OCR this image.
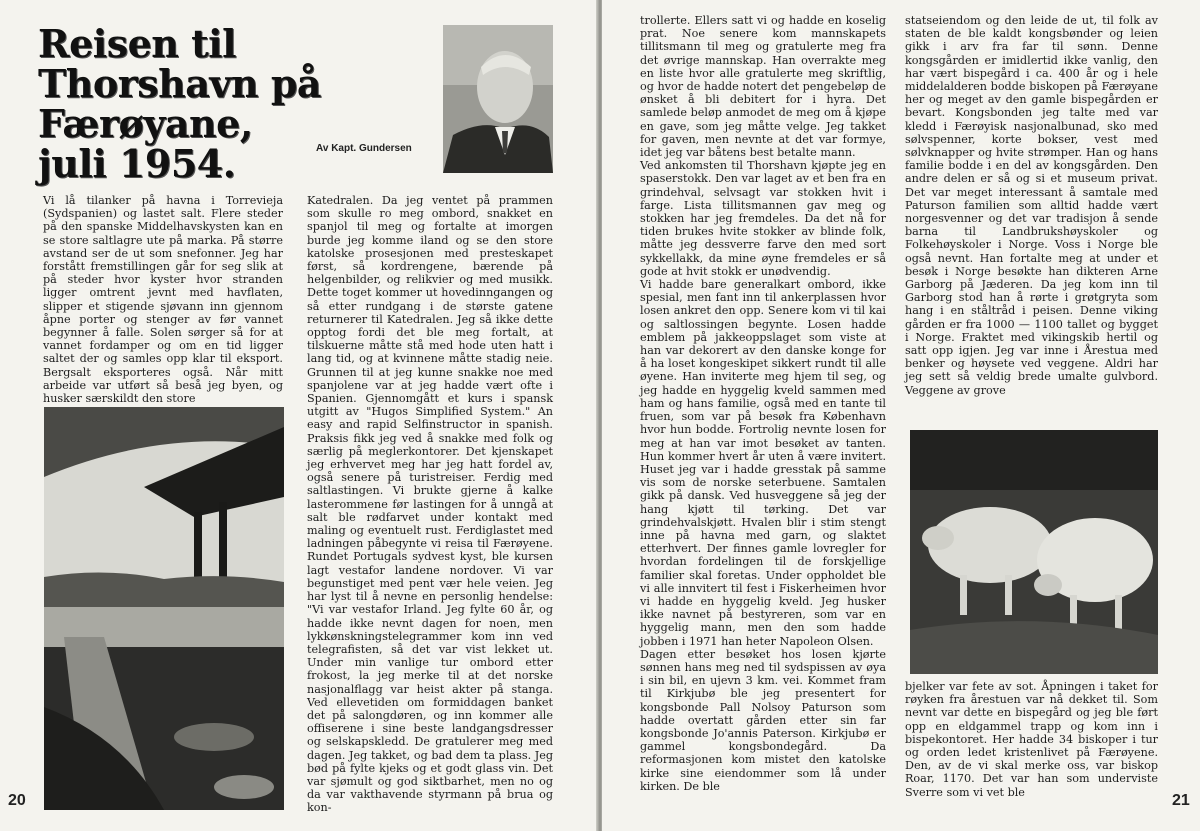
Reisen til
Thorshavn på
Færøyane,
juli 1954.	Av Kapt. Gundersen
Vi lå tilanker på havna i Torrevieja (Sydspanien) og lastet salt. Flere steder på den spanske Middelhavskysten kan en se store saltlagre ute på marka. På større avstand ser de ut som snefonner. Jeg har forstått fremstillingen går for seg slik at på steder hvor kyster hvor stranden ligger omtrent jevnt med havflaten, slipper et stigende sjøvann inn gjennom åpne porter og stenger av før vannet begynner å falle. Solen sørger så for at vannet fordamper og om en tid ligger saltet der og samles opp klar til eksport. Bergsalt eksporteres også. Når mitt arbeide var utført så beså jeg byen, og husker særskildt den store
Katedralen. Da jeg ventet på prammen som skulle ro meg ombord, snakket en spanjol til meg og fortalte at imorgen burde jeg komme iland og se den store katolske prosesjonen med presteskapet først, så kordrengene, bærende på helgenbilder, og relikvier og med musikk. Dette toget kommer ut hovedinngangen og så etter rundgang i de største gatene returnerer til Katedralen. Jeg så ikke dette opptog fordi det ble meg fortalt, at tilskuerne måtte stå med hode uten hatt i lang tid, og at kvinnene måtte stadig neie. Grunnen til at jeg kunne snakke noe med spanjolene var at jeg hadde vært ofte i Spanien. Gjennomgått et kurs i spansk utgitt av "Hugos Simplified System." An easy and rapid Selfinstructor in spanish. Praksis fikk jeg ved å snakke med folk og særlig på meglerkontorer. Det kjenskapet jeg erhvervet meg har jeg hatt fordel av, også senere på turistreiser. Ferdig med saltlastingen. Vi brukte gjerne å kalke lasterommene før lastingen for å unngå at salt ble rødfarvet under kontakt med maling og eventuelt rust. Ferdiglastet med ladningen påbegynte vi reisa til Færøyene. Rundet Portugals sydvest kyst, ble kursen lagt vestafor landene nordover. Vi var begunstiget med pent vær hele veien. Jeg har lyst til å nevne en personlig hendelse: "Vi var vestafor Irland. Jeg fylte 60 år, og hadde ikke nevnt dagen for noen, men lykkønskningstelegrammer kom inn ved telegrafisten, så det var vist lekket ut. Under min vanlige tur ombord etter frokost, la jeg merke til at det norske nasjonalflagg var heist akter på stanga. Ved ellevetiden om formiddagen banket det på salongdøren, og inn kommer alle offiserene i sine beste landgangsdresser og selskapskledd. De gratulerer meg med dagen. Jeg takket, og bad dem ta plass. Jeg bød på fylte kjeks og et godt glass vin. Det var sjømult og god siktbarhet, men no og da var vakthavende styrmann på brua og kon-
20
trollerte. Ellers satt vi og hadde en koselig prat. Noe senere kom mannskapets tillitsmann til meg og gratulerte meg fra det øvrige mannskap. Han overrakte meg en liste hvor alle gratulerte meg skriftlig, og hvor de hadde notert det pengebeløp de ønsket å bli debitert for i hyra. Det samlede beløp anmodet de meg om å kjøpe en gave, som jeg måtte velge. Jeg takket for gaven, men nevnte at det var formye, idet jeg var båtens best betalte mann.
Ved ankomsten til Thorshavn kjøpte jeg en spaserstokk. Den var laget av et ben fra en grindehval, selvsagt var stokken hvit i farge. Lista tillitsmannen gav meg og stokken har jeg fremdeles. Da det nå for tiden brukes hvite stokker av blinde folk, måtte jeg dessverre farve den med sort sykkellakk, da mine øyne fremdeles er så gode at hvit stokk er unødvendig.
Vi hadde bare generalkart ombord, ikke spesial, men fant inn til ankerplassen hvor losen ankret den opp. Senere kom vi til kai og saltlossingen begynte. Losen hadde emblem på jakkeoppslaget som viste at han var dekorert av den danske konge for å ha loset kongeskipet sikkert rundt til alle øyene. Han inviterte meg hjem til seg, og jeg hadde en hyggelig kveld sammen med ham og hans familie, også med en tante til fruen, som var på besøk fra København hvor hun bodde. Fortrolig nevnte losen for meg at han var imot besøket av tanten. Hun kommer hvert år uten å være invitert. Huset jeg var i hadde gresstak på samme vis som de norske seterbuene. Samtalen gikk på dansk. Ved husveggene så jeg der hang kjøtt til tørking. Det var grindehvalskjøtt. Hvalen blir i stim stengt inne på havna med garn, og slaktet etterhvert. Der finnes gamle lovregler for hvordan fordelingen til de forskjellige familier skal foretas. Under oppholdet ble vi alle innvitert til fest i Fiskerheimen hvor vi hadde en hyggelig kveld. Jeg husker ikke navnet på bestyreren, som var en hyggelig mann, men den som hadde jobben i 1971 han heter Napoleon Olsen.
Dagen etter besøket hos losen kjørte sønnen hans meg ned til sydspissen av øya i sin bil, en ujevn 3 km. vei. Kommet fram til Kirkjubø ble jeg presentert for kongsbonde Pall Nolsoy Paturson som hadde overtatt gården etter sin far kongsbonde Jo'annis Paterson. Kirkjubø er gammel kongsbondegård. Da reformasjonen kom mistet den katolske kirke sine eiendommer som lå under kirken. De ble
statseiendom og den leide de ut, til folk av staten de ble kaldt kongsbønder og leien gikk i arv fra far til sønn. Denne kongsgården er imidlertid ikke vanlig, den har vært bispegård i ca. 400 år og i hele middelalderen bodde biskopen på Færøyane her og meget av den gamle bispegården er bevart. Kongsbonden jeg talte med var kledd i Færøyisk nasjonalbunad, sko med sølvspenner, korte bokser, vest med sølvknapper og hvite strømper. Han og hans familie bodde i en del av kongsgården. Den andre delen er så og si et museum privat. Det var meget interessant å samtale med Paturson familien som alltid hadde vært norgesvenner og det var tradisjon å sende barna til Landbrukshøyskoler og Folkehøyskoler i Norge. Voss i Norge ble også nevnt. Han fortalte meg at under et besøk i Norge besøkte han dikteren Arne Garborg på Jæderen. Da jeg kom inn til Garborg stod han å rørte i grøtgryta som hang i en ståltråd i peisen. Denne viking gården er fra 1000 — 1100 tallet og bygget i Norge. Fraktet med vikingskib hertil og satt opp igjen. Jeg var inne i Årestua med benker og høysete ved veggene. Aldri har jeg sett så veldig brede umalte gulvbord. Veggene av grove
bjelker var fete av sot. Åpningen i taket for røyken fra årestuen var nå dekket til. Som nevnt var dette en bispegård og jeg ble ført opp en eldgammel trapp og kom inn i bispekontoret. Her hadde 34 biskoper i tur og orden ledet kristenlivet på Færøyene. Den, av de vi skal merke oss, var biskop Roar, 1170. Det var han som underviste Sverre som vi vet ble	21
